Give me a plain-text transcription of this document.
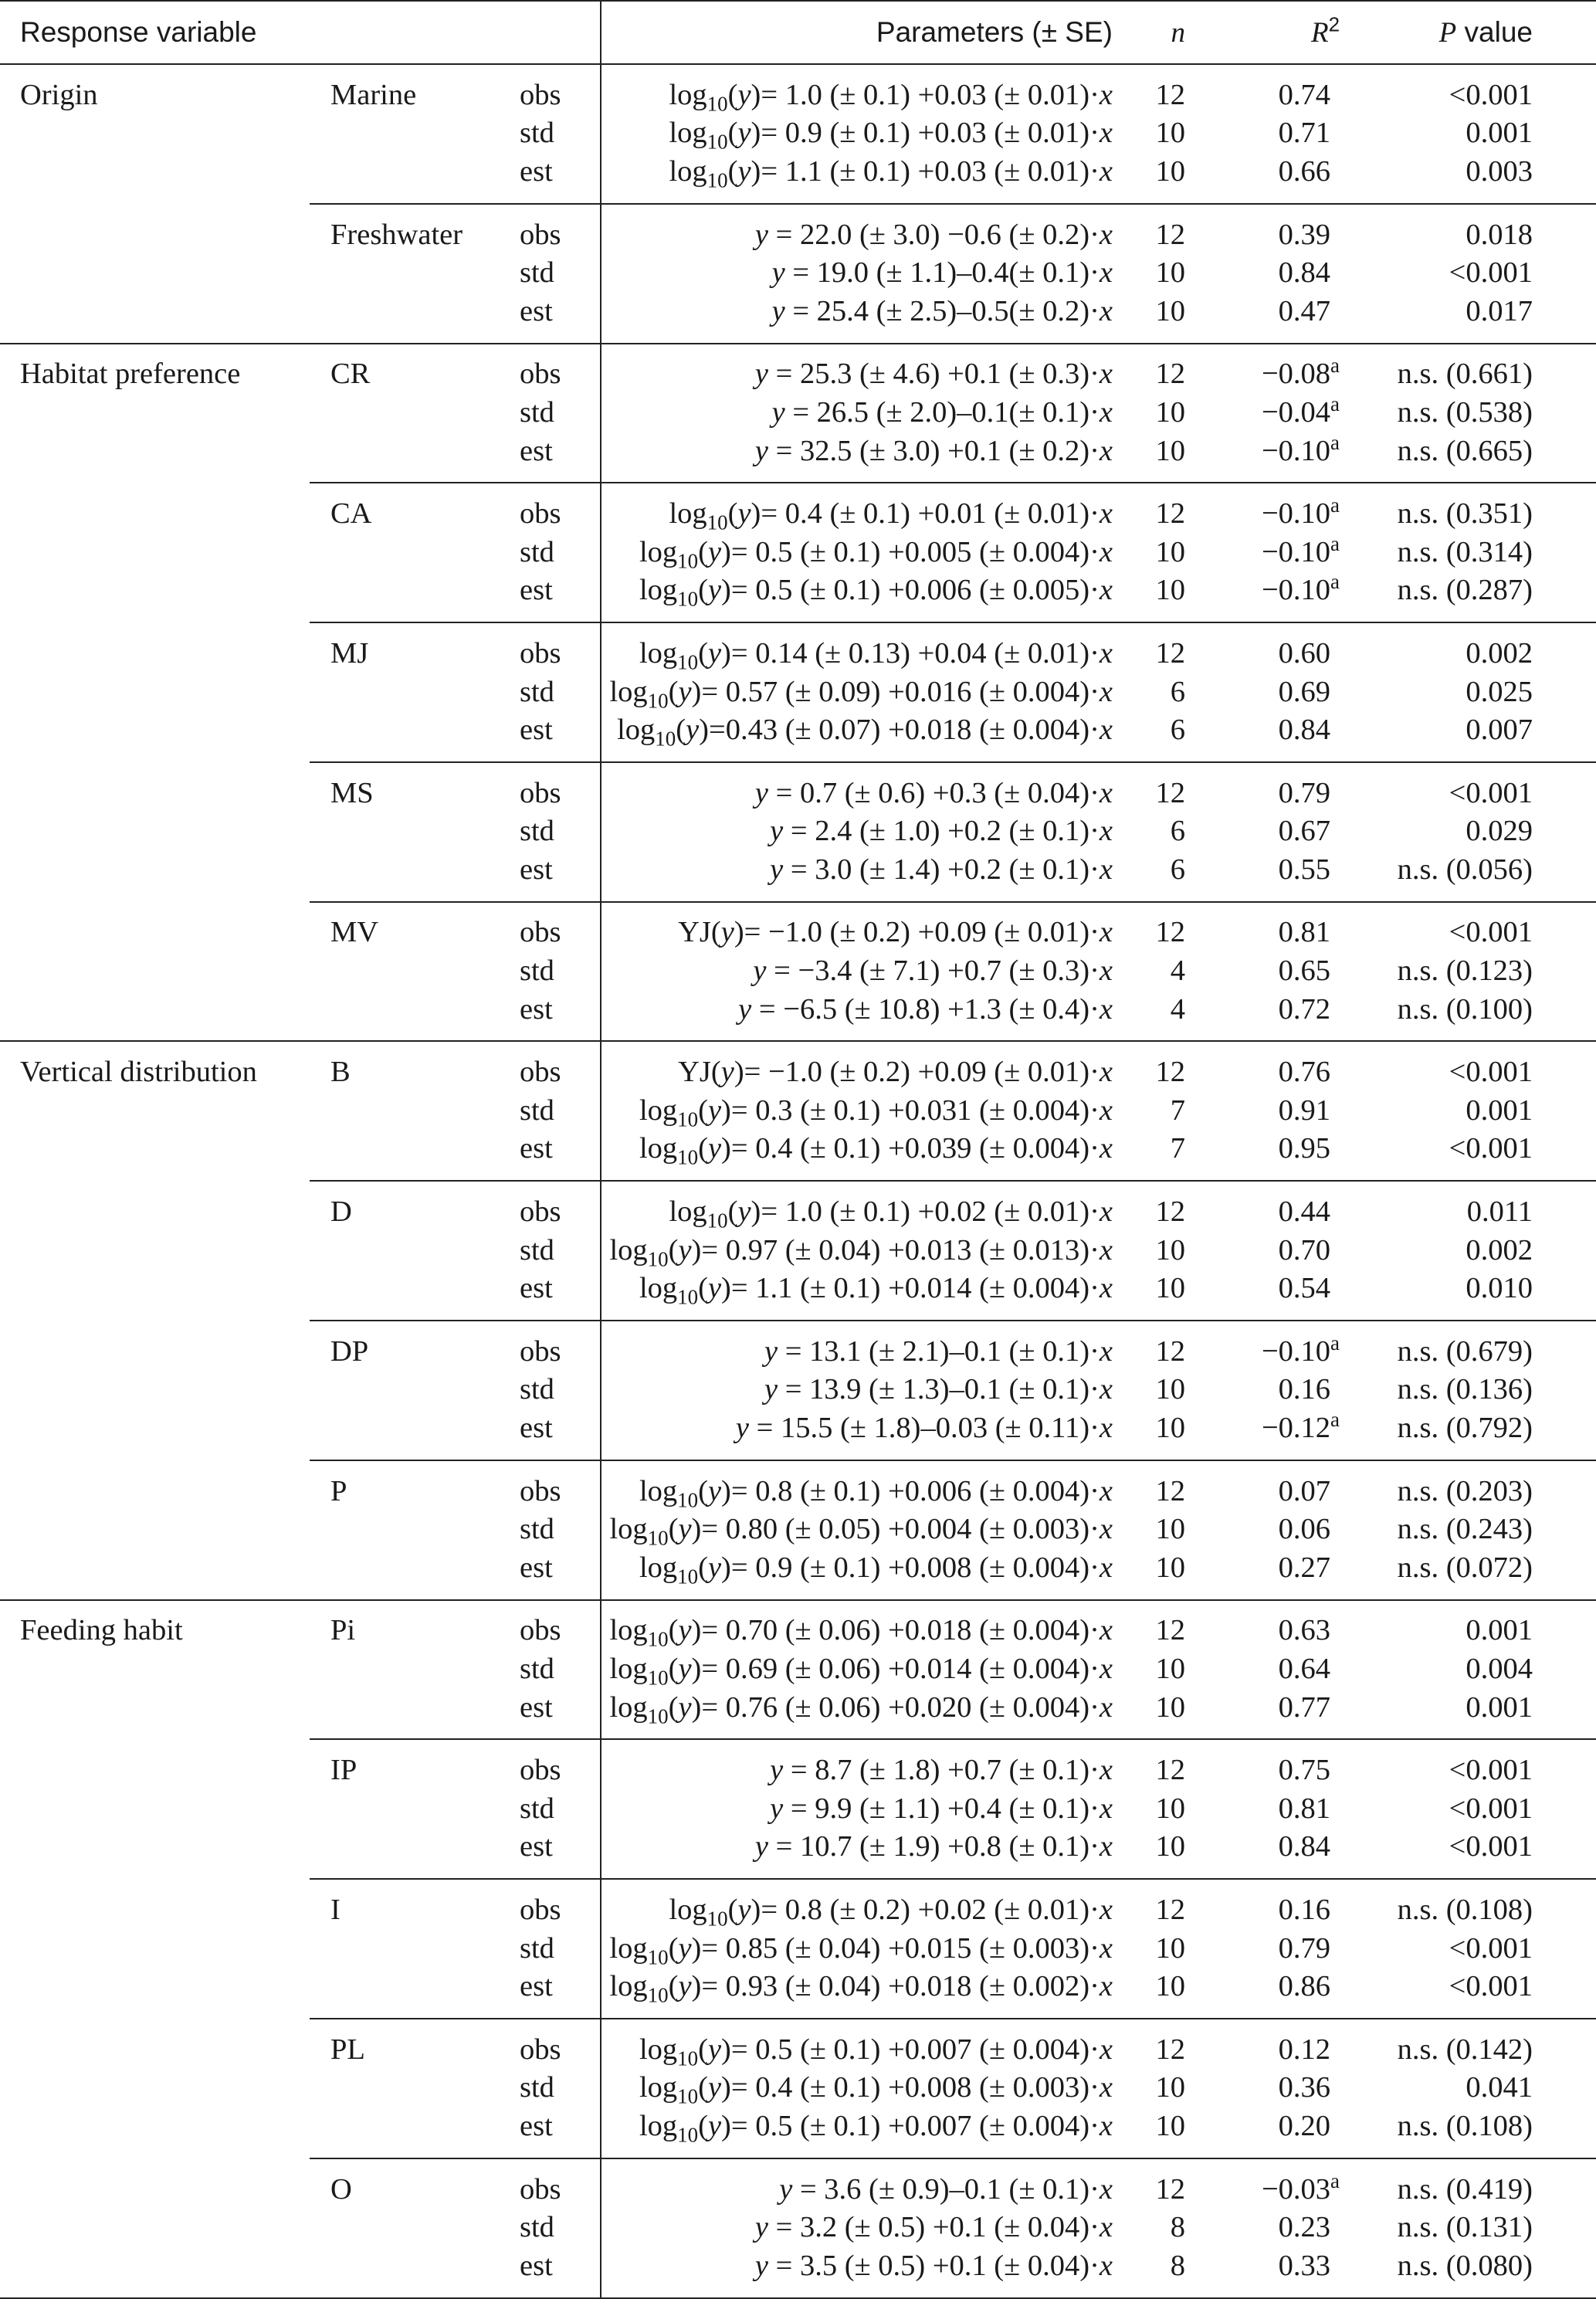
Response variable			Parameters (± SE)	n	$R^2$	P value
Origin	Marine	obs	$\log_{10}(y)= 1.0$ (± 0.1) +0.03 (± 0.01)·x	12	0.74	<0.001
		std	$\log_{10}(y)= 0.9$ (± 0.1) +0.03 (± 0.01)·x	10	0.71	0.001
		est	$\log_{10}(y)= 1.1$ (± 0.1) +0.03 (± 0.01)·x	10	0.66	0.003
	Freshwater	obs	y = 22.0 (± 3.0) −0.6 (± 0.2)·x	12	0.39	0.018
		std	y = 19.0 (± 1.1)–0.4(± 0.1)·x	10	0.84	<0.001
		est	y = 25.4 (± 2.5)–0.5(± 0.2)·x	10	0.47	0.017
Habitat preference	CR	obs	y = 25.3 (± 4.6) +0.1 (± 0.3)·x	12	−0.08$^a$	n.s. (0.661)
		std	y = 26.5 (± 2.0)–0.1(± 0.1)·x	10	−0.04$^a$	n.s. (0.538)
		est	y = 32.5 (± 3.0) +0.1 (± 0.2)·x	10	−0.10$^a$	n.s. (0.665)
	CA	obs	$\log_{10}(y)= 0.4$ (± 0.1) +0.01 (± 0.01)·x	12	−0.10$^a$	n.s. (0.351)
		std	$\log_{10}(y)= 0.5$ (± 0.1) +0.005 (± 0.004)·x	10	−0.10$^a$	n.s. (0.314)
		est	$\log_{10}(y)= 0.5$ (± 0.1) +0.006 (± 0.005)·x	10	−0.10$^a$	n.s. (0.287)
	MJ	obs	$\log_{10}(y)= 0.14$ (± 0.13) +0.04 (± 0.01)·x	12	0.60	0.002
		std	$\log_{10}(y)= 0.57$ (± 0.09) +0.016 (± 0.004)·x	6	0.69	0.025
		est	$\log_{10}(y)=0.43$ (± 0.07) +0.018 (± 0.004)·x	6	0.84	0.007
	MS	obs	y = 0.7 (± 0.6) +0.3 (± 0.04)·x	12	0.79	<0.001
		std	y = 2.4 (± 1.0) +0.2 (± 0.1)·x	6	0.67	0.029
		est	y = 3.0 (± 1.4) +0.2 (± 0.1)·x	6	0.55	n.s. (0.056)
	MV	obs	YJ(y)= −1.0 (± 0.2) +0.09 (± 0.01)·x	12	0.81	<0.001
		std	y = −3.4 (± 7.1) +0.7 (± 0.3)·x	4	0.65	n.s. (0.123)
		est	y = −6.5 (± 10.8) +1.3 (± 0.4)·x	4	0.72	n.s. (0.100)
Vertical distribution	B	obs	YJ(y)= −1.0 (± 0.2) +0.09 (± 0.01)·x	12	0.76	<0.001
		std	$\log_{10}(y)= 0.3$ (± 0.1) +0.031 (± 0.004)·x	7	0.91	0.001
		est	$\log_{10}(y)= 0.4$ (± 0.1) +0.039 (± 0.004)·x	7	0.95	<0.001
	D	obs	$\log_{10}(y)= 1.0$ (± 0.1) +0.02 (± 0.01)·x	12	0.44	0.011
		std	$\log_{10}(y)= 0.97$ (± 0.04) +0.013 (± 0.013)·x	10	0.70	0.002
		est	$\log_{10}(y)= 1.1$ (± 0.1) +0.014 (± 0.004)·x	10	0.54	0.010
	DP	obs	y = 13.1 (± 2.1)–0.1 (± 0.1)·x	12	−0.10$^a$	n.s. (0.679)
		std	y = 13.9 (± 1.3)–0.1 (± 0.1)·x	10	0.16	n.s. (0.136)
		est	y = 15.5 (± 1.8)–0.03 (± 0.11)·x	10	−0.12$^a$	n.s. (0.792)
	P	obs	$\log_{10}(y)= 0.8$ (± 0.1) +0.006 (± 0.004)·x	12	0.07	n.s. (0.203)
		std	$\log_{10}(y)= 0.80$ (± 0.05) +0.004 (± 0.003)·x	10	0.06	n.s. (0.243)
		est	$\log_{10}(y)= 0.9$ (± 0.1) +0.008 (± 0.004)·x	10	0.27	n.s. (0.072)
Feeding habit	Pi	obs	$\log_{10}(y)= 0.70$ (± 0.06) +0.018 (± 0.004)·x	12	0.63	0.001
		std	$\log_{10}(y)= 0.69$ (± 0.06) +0.014 (± 0.004)·x	10	0.64	0.004
		est	$\log_{10}(y)= 0.76$ (± 0.06) +0.020 (± 0.004)·x	10	0.77	0.001
	IP	obs	y = 8.7 (± 1.8) +0.7 (± 0.1)·x	12	0.75	<0.001
		std	y = 9.9 (± 1.1) +0.4 (± 0.1)·x	10	0.81	<0.001
		est	y = 10.7 (± 1.9) +0.8 (± 0.1)·x	10	0.84	<0.001
	I	obs	$\log_{10}(y)= 0.8$ (± 0.2) +0.02 (± 0.01)·x	12	0.16	n.s. (0.108)
		std	$\log_{10}(y)= 0.85$ (± 0.04) +0.015 (± 0.003)·x	10	0.79	<0.001
		est	$\log_{10}(y)= 0.93$ (± 0.04) +0.018 (± 0.002)·x	10	0.86	<0.001
	PL	obs	$\log_{10}(y)= 0.5$ (± 0.1) +0.007 (± 0.004)·x	12	0.12	n.s. (0.142)
		std	$\log_{10}(y)= 0.4$ (± 0.1) +0.008 (± 0.003)·x	10	0.36	0.041
		est	$\log_{10}(y)= 0.5$ (± 0.1) +0.007 (± 0.004)·x	10	0.20	n.s. (0.108)
	O	obs	y = 3.6 (± 0.9)–0.1 (± 0.1)·x	12	−0.03$^a$	n.s. (0.419)
		std	y = 3.2 (± 0.5) +0.1 (± 0.04)·x	8	0.23	n.s. (0.131)
		est	y = 3.5 (± 0.5) +0.1 (± 0.04)·x	8	0.33	n.s. (0.080)
